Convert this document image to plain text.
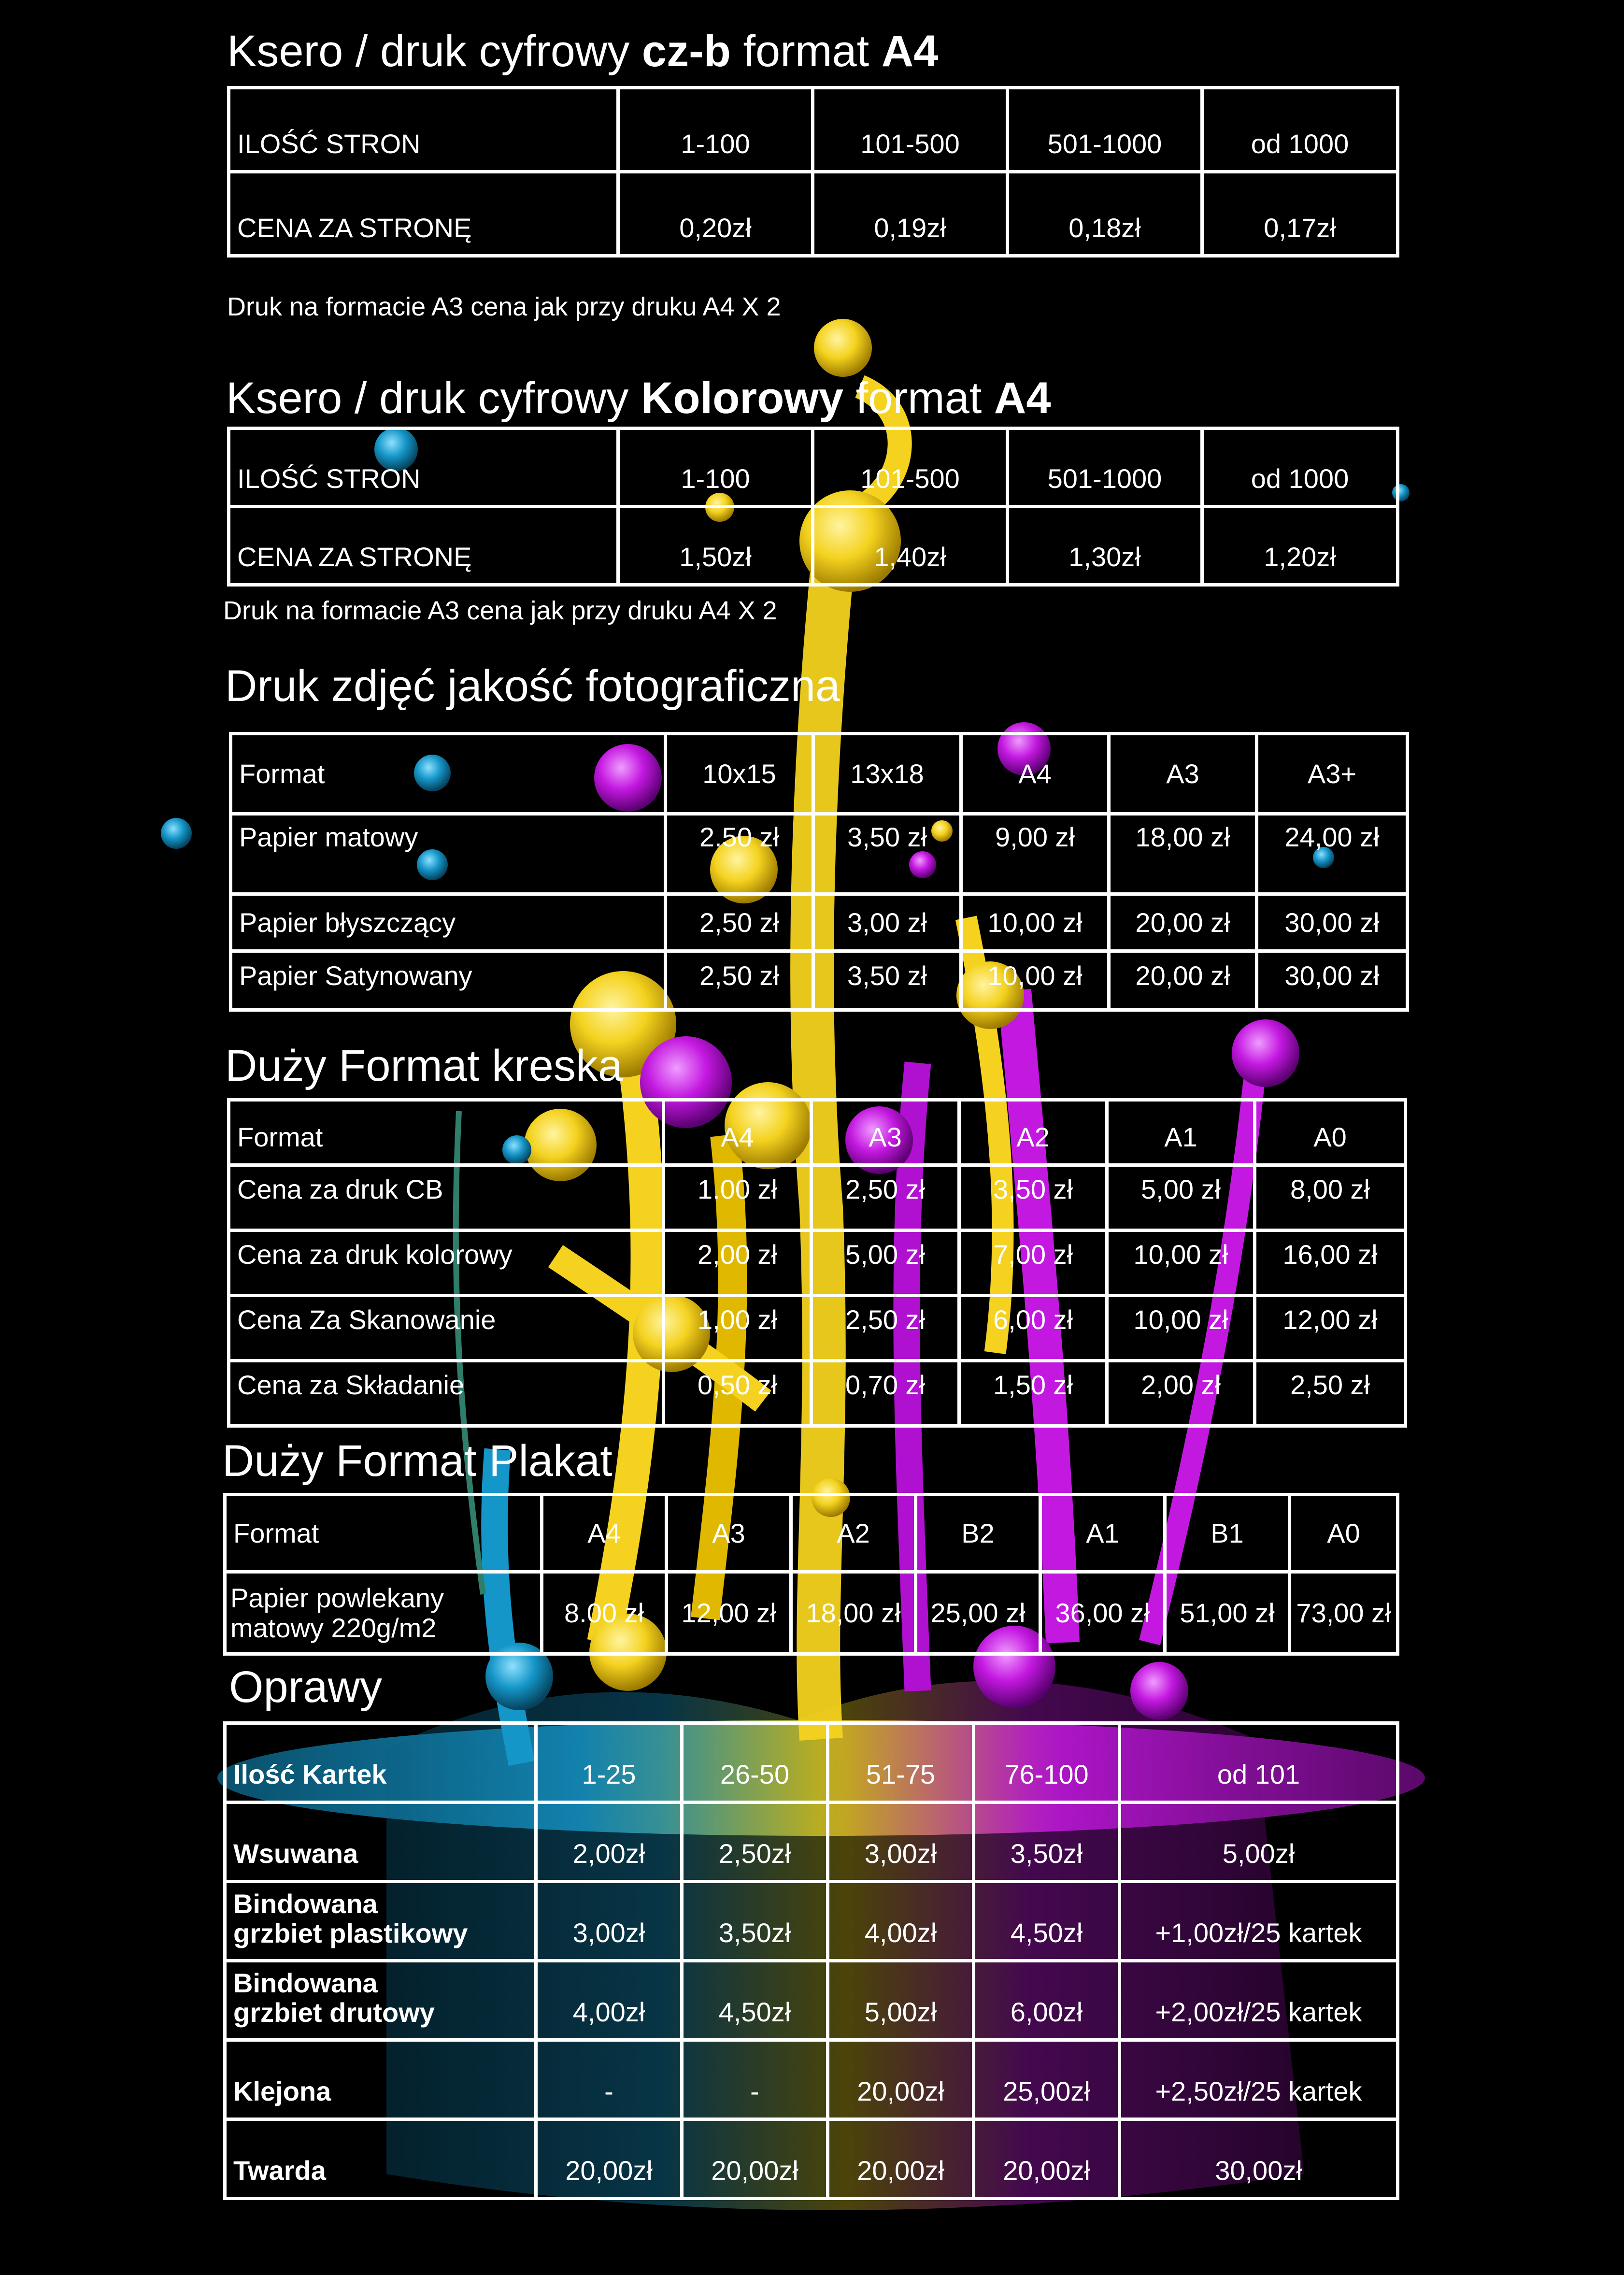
Ksero / druk cyfrowy cz-b format A4
ILOŚĆ STRON	1-100	101-500	501-1000	od 1000
CENA ZA STRONĘ	0,20zł	0,19zł	0,18zł	0,17zł
Druk na formacie A3 cena jak przy druku A4 X 2
Ksero / druk cyfrowy Kolorowy format A4
ILOŚĆ STRON	1-100	101-500	501-1000	od 1000
CENA ZA STRONĘ	1,50zł	1,40zł	1,30zł	1,20zł
Druk na formacie A3 cena jak przy druku A4 X 2
Druk zdjęć jakość fotograficzna
Format	10x15	13x18	A4	A3	A3+
Papier matowy	2.50 zł	3,50 zł	9,00 zł	18,00 zł	24,00 zł
Papier błyszczący	2,50 zł	3,00 zł	10,00 zł	20,00 zł	30,00 zł
Papier Satynowany	2,50 zł	3,50 zł	10,00 zł	20,00 zł	30,00 zł
Duży Format kreska
Format	A4	A3	A2	A1	A0
Cena za druk CB	1.00 zł	2,50 zł	3,50 zł	5,00 zł	8,00 zł
Cena za druk kolorowy	2,00 zł	5,00 zł	7,00 zł	10,00 zł	16,00 zł
Cena Za Skanowanie	1,00 zł	2,50 zł	6,00 zł	10,00 zł	12,00 zł
Cena za Składanie	0,50 zł	0,70 zł	1,50 zł	2,00 zł	2,50 zł
Duży Format Plakat
Format	A4	A3	A2	B2	A1	B1	A0

Papier powlekany
matowy 220g/m2	8.00 zł	12,00 zł	18,00 zł	25,00 zł	36,00 zł	51,00 zł	73,00 zł
Oprawy
Ilość Kartek	1-25	26-50	51-75	76-100	od 101

Wsuwana	2,00zł	2,50zł	3,00zł	3,50zł	5,00zł

Bindowana
grzbiet plastikowy	3,00zł	3,50zł	4,00zł	4,50zł	+1,00zł/25 kartek

Bindowana
grzbiet drutowy	4,00zł	4,50zł	5,00zł	6,00zł	+2,00zł/25 kartek

Klejona	-	-	20,00zł	25,00zł	+2,50zł/25 kartek

Twarda	20,00zł	20,00zł	20,00zł	20,00zł	30,00zł
